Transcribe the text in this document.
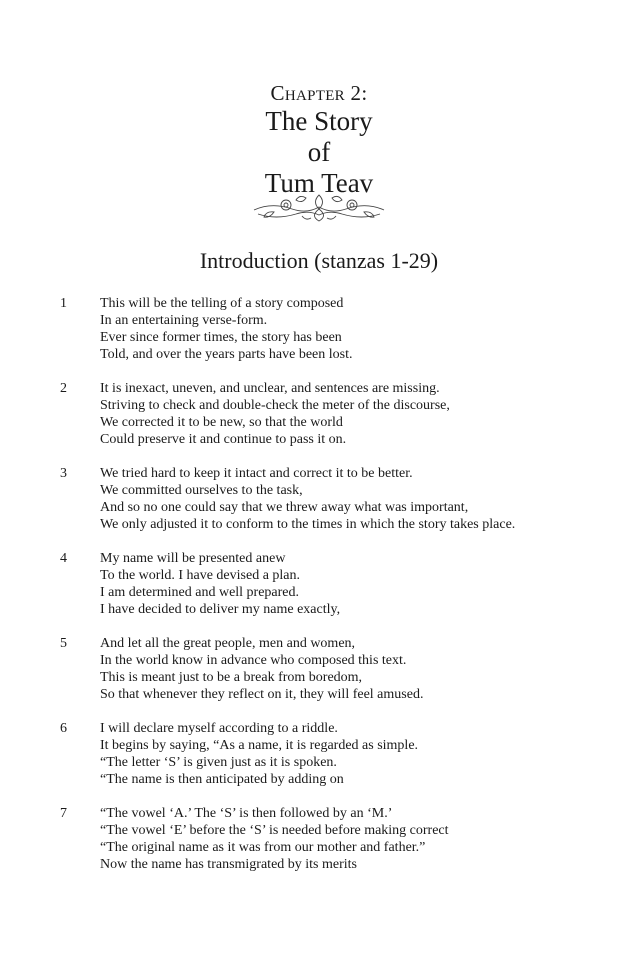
Chapter 2:
The Story
of
Tum Teav
Introduction (stanzas 1-29)
1 This will be the telling of a story composed
In an entertaining verse-form.
Ever since former times, the story has been
Told, and over the years parts have been lost.
2 It is inexact, uneven, and unclear, and sentences are missing.
Striving to check and double-check the meter of the discourse,
We corrected it to be new, so that the world
Could preserve it and continue to pass it on.
3 We tried hard to keep it intact and correct it to be better.
We committed ourselves to the task,
And so no one could say that we threw away what was important,
We only adjusted it to conform to the times in which the story takes place.
4 My name will be presented anew
To the world. I have devised a plan.
I am determined and well prepared.
I have decided to deliver my name exactly,
5 And let all the great people, men and women,
In the world know in advance who composed this text.
This is meant just to be a break from boredom,
So that whenever they reflect on it, they will feel amused.
6 I will declare myself according to a riddle.
It begins by saying, “As a name, it is regarded as simple.
“The letter ‘S’ is given just as it is spoken.
“The name is then anticipated by adding on
7 “The vowel ‘A.’ The ‘S’ is then followed by an ‘M.’
“The vowel ‘E’ before the ‘S’ is needed before making correct
“The original name as it was from our mother and father.”
Now the name has transmigrated by its merits
